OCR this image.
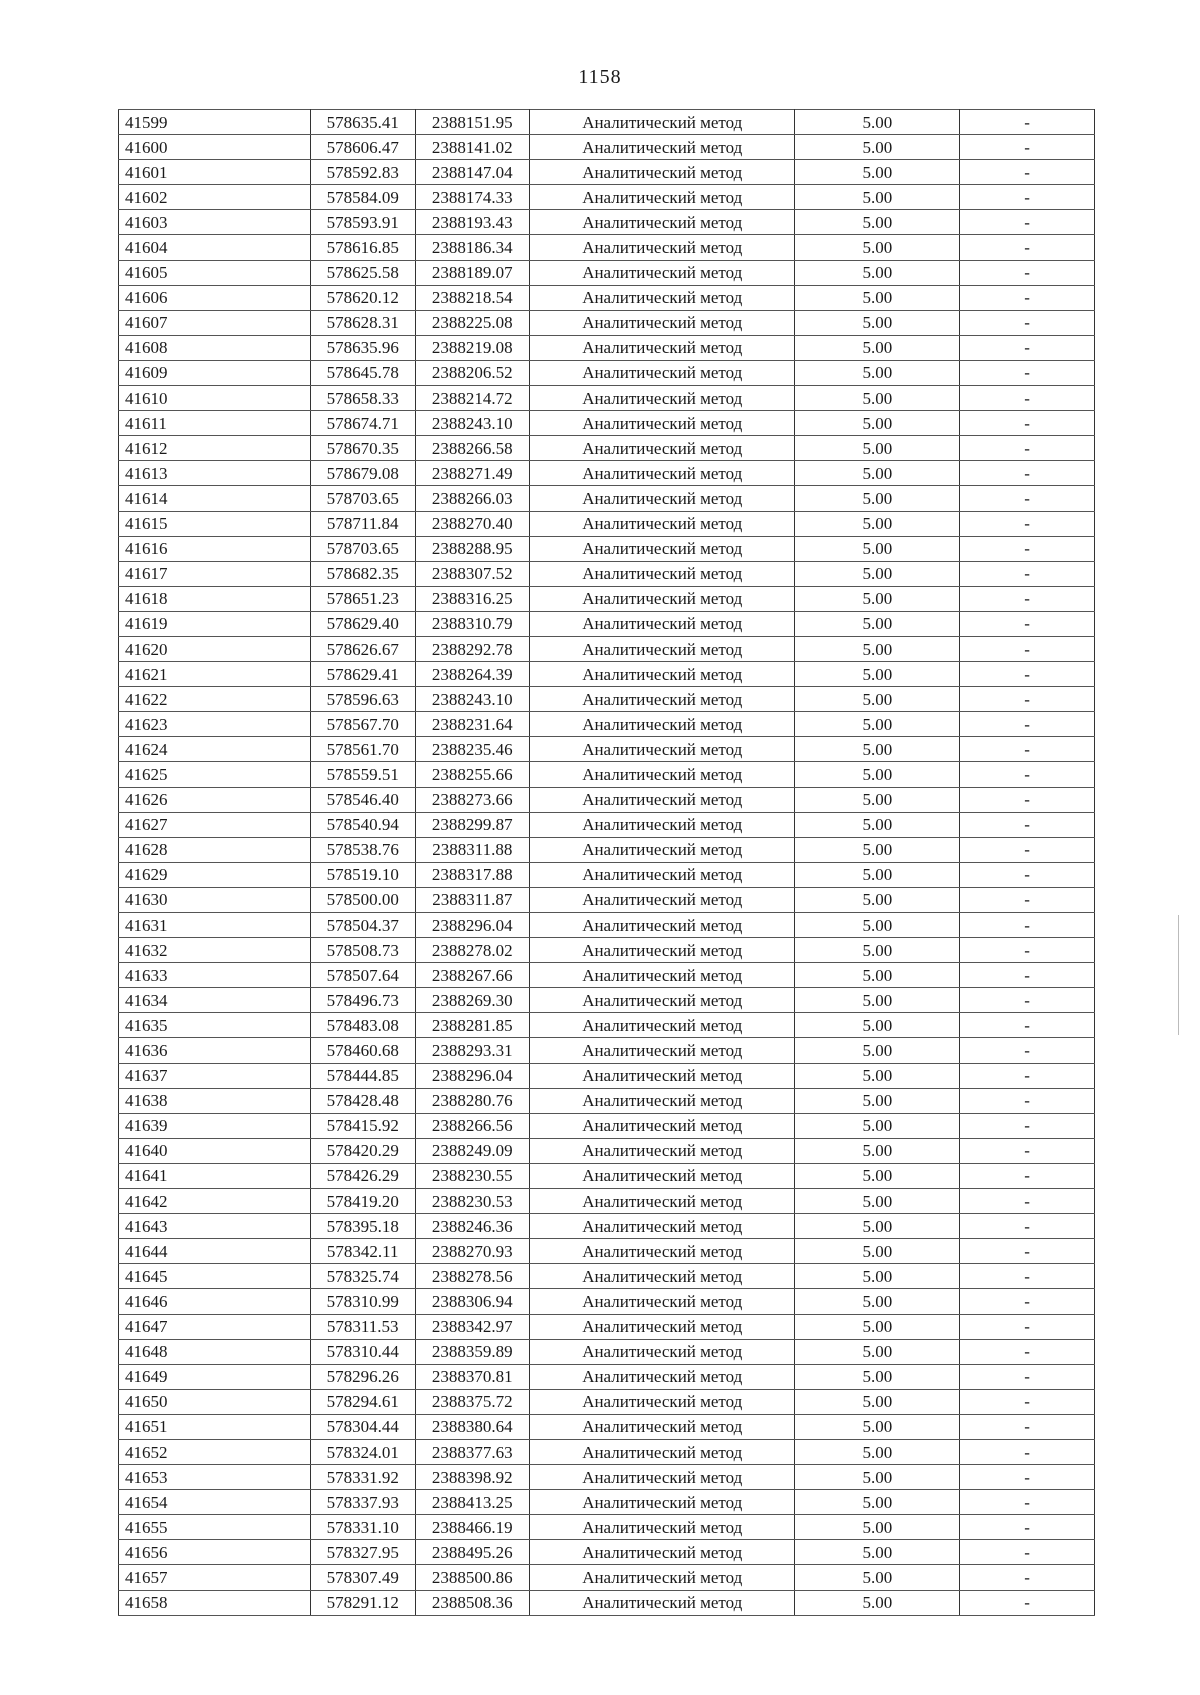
1158
41599	578635.41	2388151.95	Аналитический метод	5.00	-
41600	578606.47	2388141.02	Аналитический метод	5.00	-
41601	578592.83	2388147.04	Аналитический метод	5.00	-
41602	578584.09	2388174.33	Аналитический метод	5.00	-
41603	578593.91	2388193.43	Аналитический метод	5.00	-
41604	578616.85	2388186.34	Аналитический метод	5.00	-
41605	578625.58	2388189.07	Аналитический метод	5.00	-
41606	578620.12	2388218.54	Аналитический метод	5.00	-
41607	578628.31	2388225.08	Аналитический метод	5.00	-
41608	578635.96	2388219.08	Аналитический метод	5.00	-
41609	578645.78	2388206.52	Аналитический метод	5.00	-
41610	578658.33	2388214.72	Аналитический метод	5.00	-
41611	578674.71	2388243.10	Аналитический метод	5.00	-
41612	578670.35	2388266.58	Аналитический метод	5.00	-
41613	578679.08	2388271.49	Аналитический метод	5.00	-
41614	578703.65	2388266.03	Аналитический метод	5.00	-
41615	578711.84	2388270.40	Аналитический метод	5.00	-
41616	578703.65	2388288.95	Аналитический метод	5.00	-
41617	578682.35	2388307.52	Аналитический метод	5.00	-
41618	578651.23	2388316.25	Аналитический метод	5.00	-
41619	578629.40	2388310.79	Аналитический метод	5.00	-
41620	578626.67	2388292.78	Аналитический метод	5.00	-
41621	578629.41	2388264.39	Аналитический метод	5.00	-
41622	578596.63	2388243.10	Аналитический метод	5.00	-
41623	578567.70	2388231.64	Аналитический метод	5.00	-
41624	578561.70	2388235.46	Аналитический метод	5.00	-
41625	578559.51	2388255.66	Аналитический метод	5.00	-
41626	578546.40	2388273.66	Аналитический метод	5.00	-
41627	578540.94	2388299.87	Аналитический метод	5.00	-
41628	578538.76	2388311.88	Аналитический метод	5.00	-
41629	578519.10	2388317.88	Аналитический метод	5.00	-
41630	578500.00	2388311.87	Аналитический метод	5.00	-
41631	578504.37	2388296.04	Аналитический метод	5.00	-
41632	578508.73	2388278.02	Аналитический метод	5.00	-
41633	578507.64	2388267.66	Аналитический метод	5.00	-
41634	578496.73	2388269.30	Аналитический метод	5.00	-
41635	578483.08	2388281.85	Аналитический метод	5.00	-
41636	578460.68	2388293.31	Аналитический метод	5.00	-
41637	578444.85	2388296.04	Аналитический метод	5.00	-
41638	578428.48	2388280.76	Аналитический метод	5.00	-
41639	578415.92	2388266.56	Аналитический метод	5.00	-
41640	578420.29	2388249.09	Аналитический метод	5.00	-
41641	578426.29	2388230.55	Аналитический метод	5.00	-
41642	578419.20	2388230.53	Аналитический метод	5.00	-
41643	578395.18	2388246.36	Аналитический метод	5.00	-
41644	578342.11	2388270.93	Аналитический метод	5.00	-
41645	578325.74	2388278.56	Аналитический метод	5.00	-
41646	578310.99	2388306.94	Аналитический метод	5.00	-
41647	578311.53	2388342.97	Аналитический метод	5.00	-
41648	578310.44	2388359.89	Аналитический метод	5.00	-
41649	578296.26	2388370.81	Аналитический метод	5.00	-
41650	578294.61	2388375.72	Аналитический метод	5.00	-
41651	578304.44	2388380.64	Аналитический метод	5.00	-
41652	578324.01	2388377.63	Аналитический метод	5.00	-
41653	578331.92	2388398.92	Аналитический метод	5.00	-
41654	578337.93	2388413.25	Аналитический метод	5.00	-
41655	578331.10	2388466.19	Аналитический метод	5.00	-
41656	578327.95	2388495.26	Аналитический метод	5.00	-
41657	578307.49	2388500.86	Аналитический метод	5.00	-
41658	578291.12	2388508.36	Аналитический метод	5.00	-
